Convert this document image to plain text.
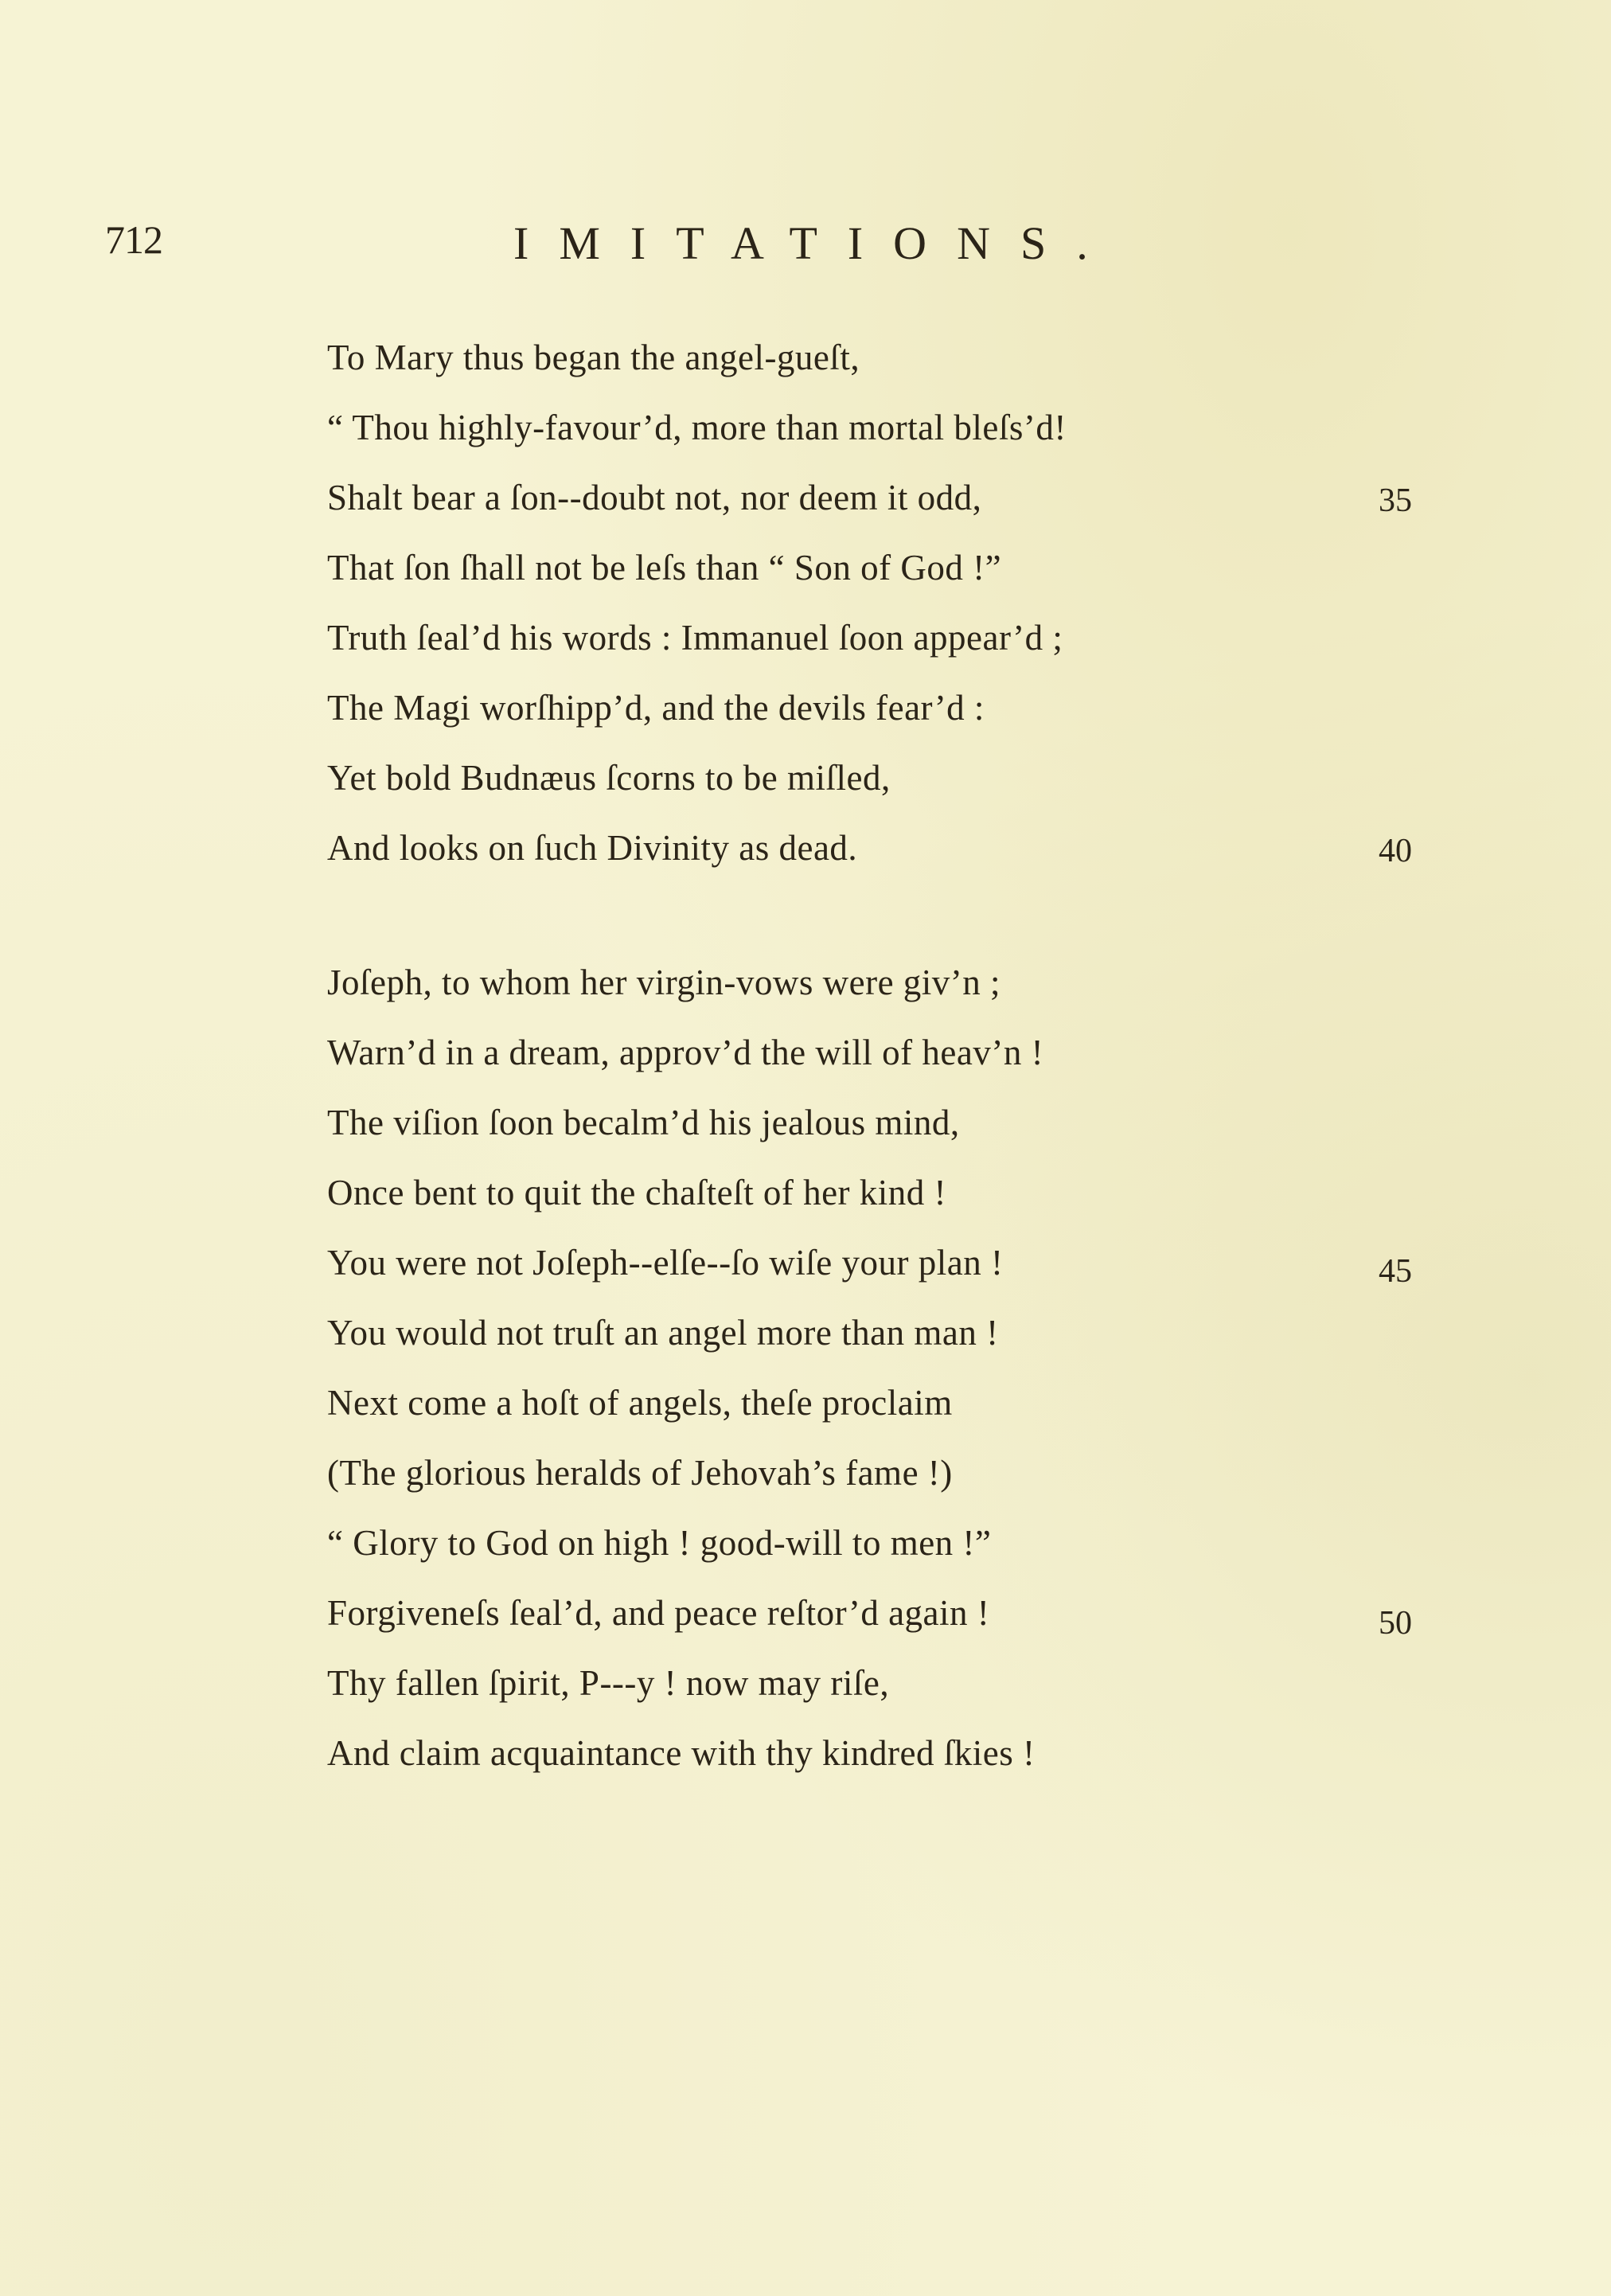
712	IMITATIONS.
To Mary thus began the angel-gueſt,
“ Thou highly-favour’d, more than mortal bleſs’d!
Shalt bear a ſon--doubt not, nor deem it odd,
That ſon ſhall not be leſs than “ Son of God !”
Truth ſeal’d his words : Immanuel ſoon appear’d ;
The Magi worſhipp’d, and the devils fear’d :
Yet bold Budnæus ſcorns to be miſled,
And looks on ſuch Divinity as dead.
Joſeph, to whom her virgin-vows were giv’n ;
Warn’d in a dream, approv’d the will of heav’n !
The viſion ſoon becalm’d his jealous mind,
Once bent to quit the chaſteſt of her kind !
You were not Joſeph--elſe--ſo wiſe your plan !
You would not truſt an angel more than man !
Next come a hoſt of angels, theſe proclaim
(The glorious heralds of Jehovah’s fame !)
“ Glory to God on high ! good-will to men !”
Forgiveneſs ſeal’d, and peace reſtor’d again !
Thy fallen ſpirit, P---y ! now may riſe,
And claim acquaintance with thy kindred ſkies !
35
40
45
50
